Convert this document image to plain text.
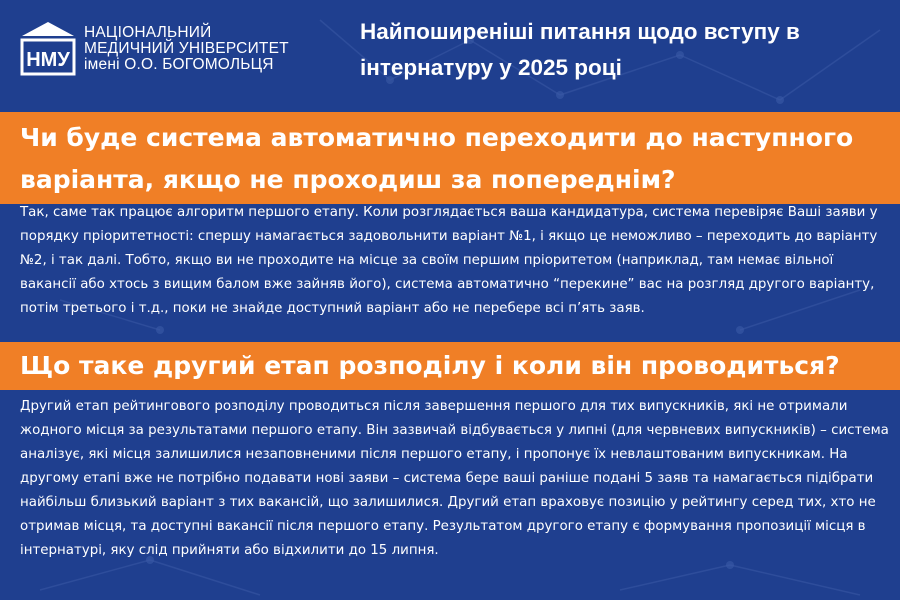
НМУ
НАЦІОНАЛЬНИЙ
МЕДИЧНИЙ УНІВЕРСИТЕТ
імені О.О. БОГОМОЛЬЦЯ
Найпоширеніші питання щодо вступу в інтернатуру у 2025 році
Чи буде система автоматично переходити до наступного варіанта, якщо не проходиш за попереднім?
Так, саме так працює алгоритм першого етапу. Коли розглядається ваша кандидатура, система перевіряє Ваші заяви у порядку пріоритетності: спершу намагається задовольнити варіант №1, і якщо це неможливо – переходить до варіанту №2, і так далі. Тобто, якщо ви не проходите на місце за своїм першим пріоритетом (наприклад, там немає вільної вакансії або хтось з вищим балом вже зайняв його), система автоматично “перекине” вас на розгляд другого варіанту, потім третього і т.д., поки не знайде доступний варіант або не перебере всі п’ять заяв.
Що таке другий етап розподілу і коли він проводиться?
Другий етап рейтингового розподілу проводиться після завершення першого для тих випускників, які не отримали жодного місця за результатами першого етапу. Він зазвичай відбувається у липні (для червневих випускників) – система аналізує, які місця залишилися незаповненими після першого етапу, і пропонує їх невлаштованим випускникам. На другому етапі вже не потрібно подавати нові заяви – система бере ваші раніше подані 5 заяв та намагається підібрати найбільш близький варіант з тих вакансій, що залишилися. Другий етап враховує позицію у рейтингу серед тих, хто не отримав місця, та доступні вакансії після першого етапу. Результатом другого етапу є формування пропозиції місця в інтернатурі, яку слід прийняти або відхилити до 15 липня.
